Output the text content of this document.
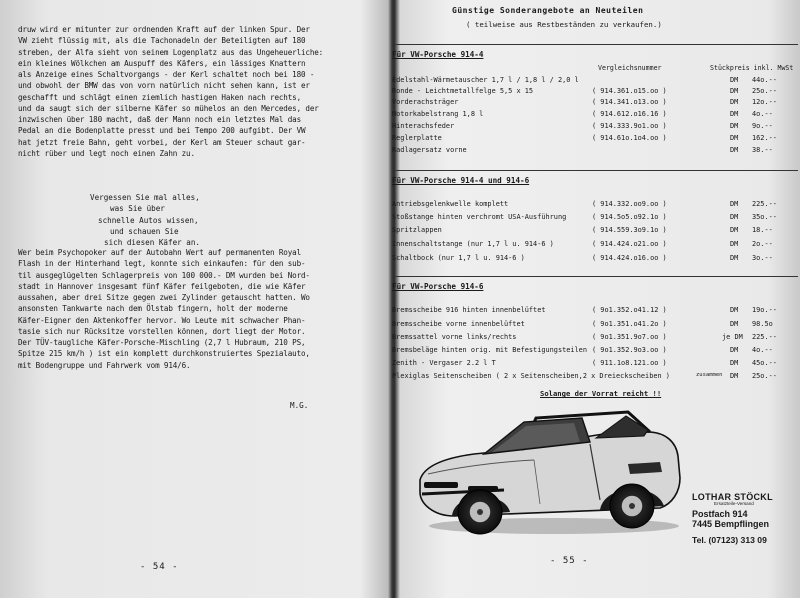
druw wird er mitunter zur ordnenden Kraft auf der linken Spur. Der
VW zieht flüssig mit, als die Tachonadeln der Beteiligten auf 180
streben, der Alfa sieht von seinem Logenplatz aus das Ungeheuerliche:
ein kleines Wölkchen am Auspuff des Käfers, ein lässiges Knattern
als Anzeige eines Schaltvorgangs - der Kerl schaltet noch bei 180 -
und obwohl der BMW das von vorn natürlich nicht sehen kann, ist er
geschafft und schlägt einen ziemlich hastigen Haken nach rechts,
und da saugt sich der silberne Käfer so mühelos an den Mercedes, der
inzwischen über 180 macht, daß der Mann noch ein letztes Mal das
Pedal an die Bodenplatte presst und bei Tempo 200 aufgibt. Der VW
hat jetzt freie Bahn, geht vorbei, der Kerl am Steuer schaut gar-
nicht rüber und legt noch einen Zahn zu.
Vergessen Sie mal alles,
was Sie über
schnelle Autos wissen,
und schauen Sie
sich diesen Käfer an.
Wer beim Psychopoker auf der Autobahn Wert auf permanenten Royal
Flash in der Hinterhand legt, konnte sich einkaufen: für den sub-
til ausgeglügelten Schlagerpreis von 100 000.- DM wurden bei Nord-
stadt in Hannover insgesamt fünf Käfer feilgeboten, die wie Käfer
aussahen, aber drei Sitze gegen zwei Zylinder getauscht hatten. Wo
ansonsten Tankwarte nach dem Ölstab fingern, holt der moderne
Käfer-Eigner den Aktenkoffer hervor. Wo Leute mit schwacher Phan-
tasie sich nur Rücksitze vorstellen können, dort liegt der Motor.
Der TÜV-taugliche Käfer-Porsche-Mischling (2,7 l Hubraum, 210 PS,
Spitze 215 km/h ) ist ein komplett durchkonstruiertes Spezialauto,
mit Bodengruppe und Fahrwerk vom 914/6.
M.G.
- 54 -
Günstige Sonderangebote an Neuteilen
( teilweise aus Restbeständen zu verkaufen.)
Für VW-Porsche 914-4
Vergleichsnummer	Stückpreis inkl. MwSt
Edelstahl-Wärmetauscher 1,7 l / 1,8 l / 2,0 l	DM 44o.--
Ronde - Leichtmetallfelge 5,5 x 15	( 914.361.o15.oo )	DM 25o.--
Vorderachsträger	( 914.341.o13.oo )	DM 12o.--
Motorkabelstrang 1,8 l	( 914.612.o16.16 )	DM 4o.--
Hinterachsfeder	( 914.333.9o1.oo )	DM 9o.--
Reglerplatte	( 914.61o.1o4.oo )	DM 162.--
Radlagersatz vorne	DM 38.--
Für VW-Porsche 914-4 und 914-6
Antriebsgelenkwelle komplett	( 914.332.oo9.oo )	DM 225.--
Stoßstange hinten verchromt USA-Ausführung	( 914.5o5.o92.1o )	DM 35o.--
Spritzlappen	( 914.559.3o9.1o )	DM 18.--
Innenschaltstange (nur 1,7 l u. 914-6 )	( 914.424.o21.oo )	DM 2o.--
Schaltbock (nur 1,7 l u. 914-6 )	( 914.424.o16.oo )	DM 3o.--
Für VW-Porsche 914-6
Bremsscheibe 916 hinten innenbelüftet	( 9o1.352.o41.12 )	DM 19o.--
Bremsscheibe vorne innenbelüftet	( 9o1.351.o41.2o )	DM 98.5o
Bremssattel vorne links/rechts	( 9o1.351.9o7.oo )	je DM 225.--
Bremsbeläge hinten orig. mit Befestigungsteilen ( 9o1.352.9o3.oo )	DM 4o.--
Zenith - Vergaser 2.2 l T	( 911.1o8.121.oo )	DM 45o.--
Plexiglas Seitenscheiben ( 2 x Seitenscheiben,2 x Dreieckscheiben )	zusammen DM 25o.--
Solange der Vorrat reicht !!
LOTHAR STÖCKL
Ersatzteile-Versand
Postfach 914
7445 Bempflingen
Tel. (07123) 313 09
- 55 -
